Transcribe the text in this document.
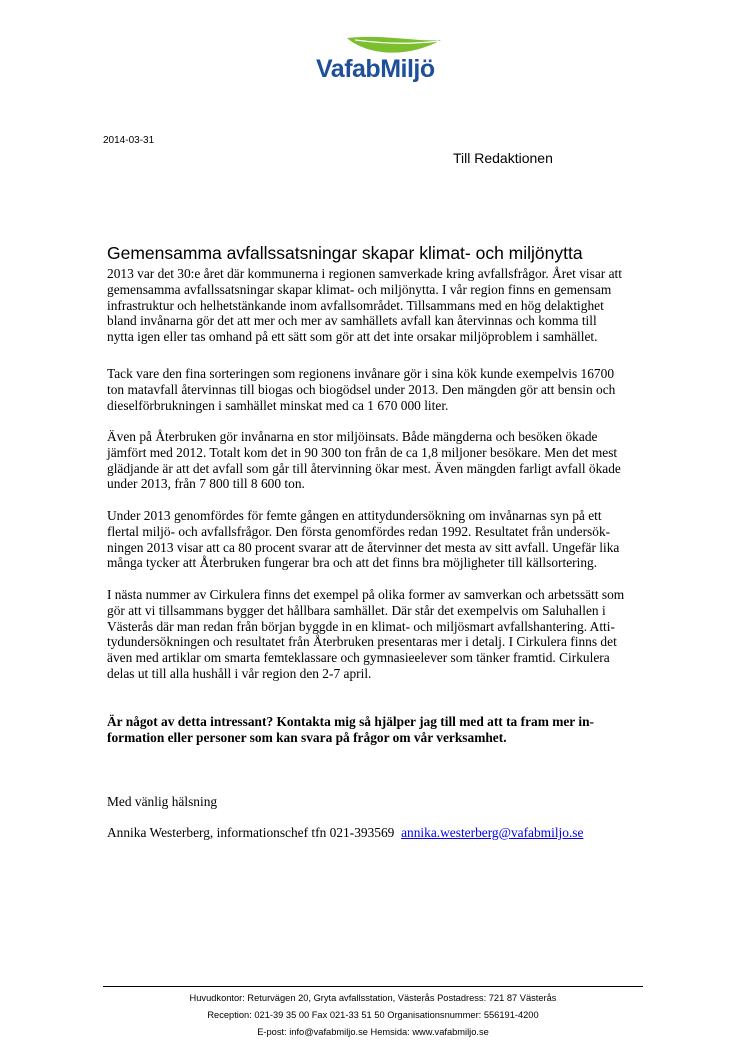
VafabMiljö
2014-03-31
Till Redaktionen
Gemensamma avfallssatsningar skapar klimat- och miljönytta
2013 var det 30:e året där kommunerna i regionen samverkade kring avfallsfrågor. Året visar att
gemensamma avfallssatsningar skapar klimat- och miljönytta. I vår region finns en gemensam
infrastruktur och helhetstänkande inom avfallsområdet. Tillsammans med en hög delaktighet
bland invånarna gör det att mer och mer av samhällets avfall kan återvinnas och komma till
nytta igen eller tas omhand på ett sätt som gör att det inte orsakar miljöproblem i samhället.
Tack vare den fina sorteringen som regionens invånare gör i sina kök kunde exempelvis 16700
ton matavfall återvinnas till biogas och biogödsel under 2013. Den mängden gör att bensin och
dieselförbrukningen i samhället minskat med ca 1 670 000 liter.
Även på Återbruken gör invånarna en stor miljöinsats. Både mängderna och besöken ökade
jämfört med 2012. Totalt kom det in 90 300 ton från de ca 1,8 miljoner besökare. Men det mest
glädjande är att det avfall som går till återvinning ökar mest. Även mängden farligt avfall ökade
under 2013, från 7 800 till 8 600 ton.
Under 2013 genomfördes för femte gången en attitydundersökning om invånarnas syn på ett
flertal miljö- och avfallsfrågor. Den första genomfördes redan 1992. Resultatet från undersök-
ningen 2013 visar att ca 80 procent svarar att de återvinner det mesta av sitt avfall. Ungefär lika
många tycker att Återbruken fungerar bra och att det finns bra möjligheter till källsortering.
I nästa nummer av Cirkulera finns det exempel på olika former av samverkan och arbetssätt som
gör att vi tillsammans bygger det hållbara samhället. Där står det exempelvis om Saluhallen i
Västerås där man redan från början byggde in en klimat- och miljösmart avfallshantering. Atti-
tydundersökningen och resultatet från Återbruken presentaras mer i detalj. I Cirkulera finns det
även med artiklar om smarta femteklassare och gymnasieelever som tänker framtid. Cirkulera
delas ut till alla hushåll i vår region den 2-7 april.
Är något av detta intressant? Kontakta mig så hjälper jag till med att ta fram mer in-
formation eller personer som kan svara på frågor om vår verksamhet.
Med vänlig hälsning
Annika Westerberg, informationschef tfn 021-393569 annika.westerberg@vafabmiljo.se
Huvudkontor: Returvägen 20, Gryta avfallsstation, Västerås Postadress: 721 87 Västerås
Reception: 021-39 35 00 Fax 021-33 51 50 Organisationsnummer: 556191-4200
E-post: info@vafabmiljo.se Hemsida: www.vafabmiljo.se
